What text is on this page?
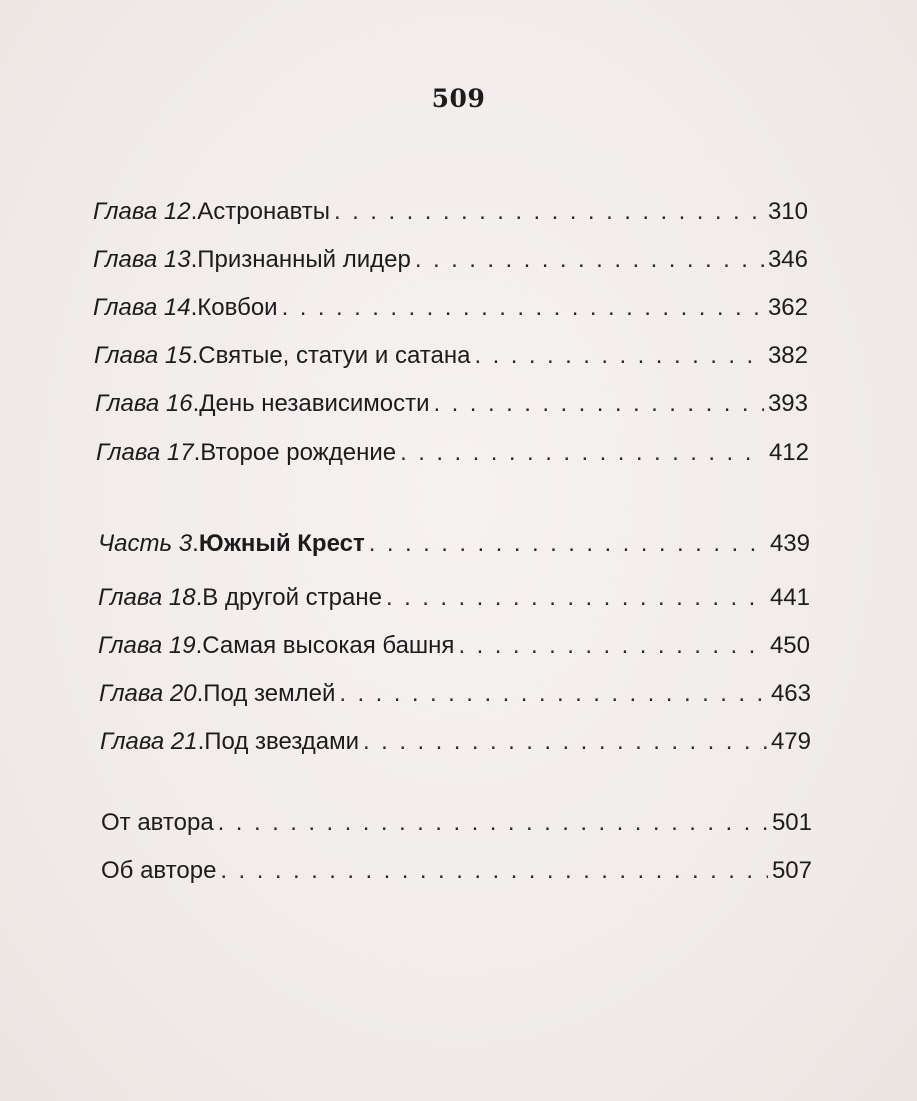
509
Глава 12. Астронавты . . .	310
Глава 13. Признанный лидер . . .	346
Глава 14. Ковбои . . .	362
Глава 15. Святые, статуи и сатана . . .	382
Глава 16. День независимости . . .	393
Глава 17. Второе рождение . . .	412
Часть 3. Южный Крест . . .	439
Глава 18. В другой стране . . .	441
Глава 19. Самая высокая башня . . .	450
Глава 20. Под землей . . .	463
Глава 21. Под звездами . . .	479
От автора . . .	501
Об авторе . . .	507
